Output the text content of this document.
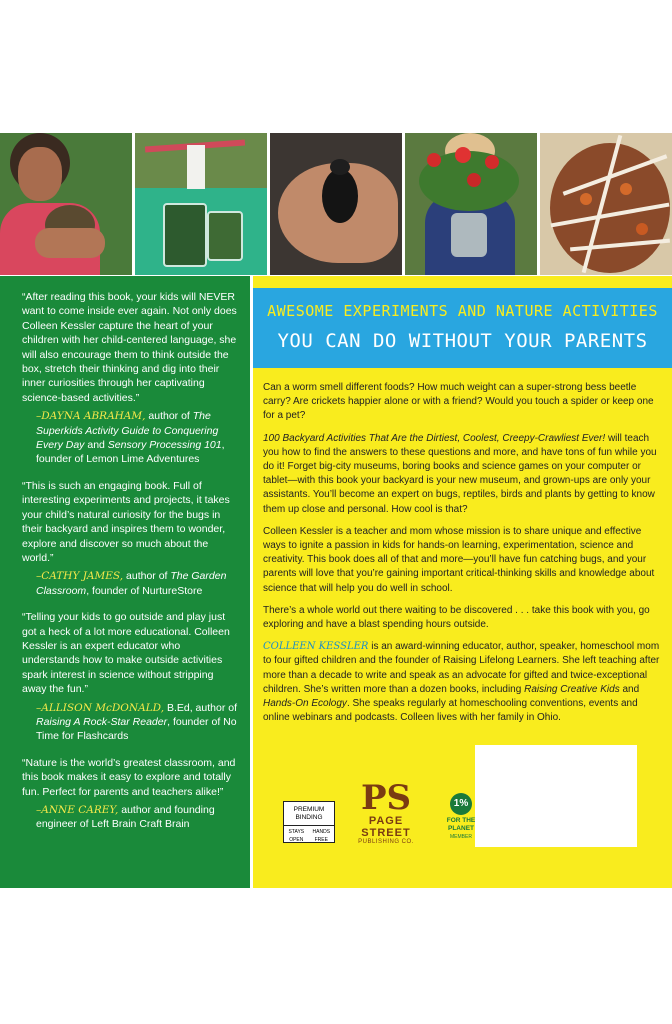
“After reading this book, your kids will NEVER want to come inside ever again. Not only does Colleen Kessler capture the heart of your children with her child-centered language, she will also encourage them to think outside the box, stretch their thinking and dig into their inner curiosities through her captivating science-based activities.”

–DAYNA ABRAHAM, author of The Superkids Activity Guide to Conquering Every Day and Sensory Processing 101, founder of Lemon Lime Adventures

“This is such an engaging book. Full of interesting experiments and projects, it takes your child’s natural curiosity for the bugs in their backyard and inspires them to wonder, explore and discover so much about the world.”

–CATHY JAMES, author of The Garden Classroom, founder of NurtureStore

“Telling your kids to go outside and play just got a heck of a lot more educational. Colleen Kessler is an expert educator who understands how to make outside activities spark interest in science without stripping away the fun.”

–ALLISON McDONALD, B.Ed, author of Raising A Rock-Star Reader, founder of No Time for Flashcards

“Nature is the world’s greatest classroom, and this book makes it easy to explore and totally fun. Perfect for parents and teachers alike!”

–ANNE CAREY, author and founding engineer of Left Brain Craft Brain

AWESOME EXPERIMENTS AND NATURE ACTIVITIES
YOU CAN DO WITHOUT YOUR PARENTS

Can a worm smell different foods? How much weight can a super-strong bess beetle carry? Are crickets happier alone or with a friend? Would you touch a spider or keep one for a pet?

100 Backyard Activities That Are the Dirtiest, Coolest, Creepy-Crawliest Ever! will teach you how to find the answers to these questions and more, and have tons of fun while you do it! Forget big-city museums, boring books and science games on your computer or tablet—with this book your backyard is your new museum, and grown-ups are only your assistants. You’ll become an expert on bugs, reptiles, birds and plants by getting to know them up close and personal. How cool is that?

Colleen Kessler is a teacher and mom whose mission is to share unique and effective ways to ignite a passion in kids for hands-on learning, experimentation, science and creativity. This book does all of that and more—you’ll have fun catching bugs, and your parents will love that you’re gaining important critical-thinking skills and knowledge about science that will help you do well in school.

There’s a whole world out there waiting to be discovered . . . take this book with you, go exploring and have a blast spending hours outside.

COLLEEN KESSLER is an award-winning educator, author, speaker, homeschool mom to four gifted children and the founder of Raising Lifelong Learners. She left teaching after more than a decade to write and speak as an advocate for gifted and twice-exceptional children. She’s written more than a dozen books, including Raising Creative Kids and Hands-On Ecology. She speaks regularly at homeschooling conventions, events and online webinars and podcasts. Colleen lives with her family in Ohio.

PREMIUM
BINDING
STAYS OPEN
HANDS FREE
PS
PAGE STREET
PUBLISHING CO.
1%
FOR THE
PLANET
MEMBER
